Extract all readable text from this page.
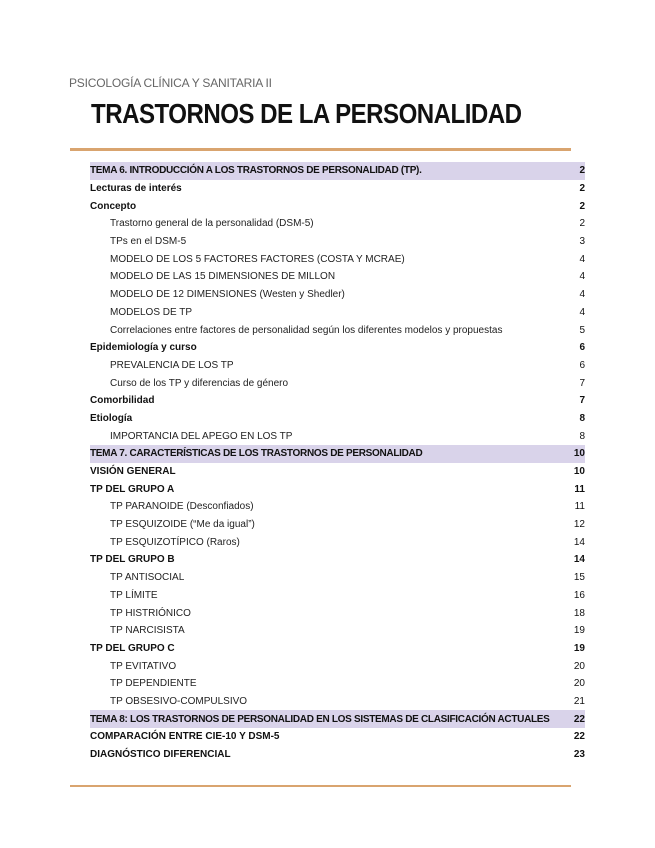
PSICOLOGÍA CLÍNICA Y SANITARIA II
TRASTORNOS DE LA PERSONALIDAD
TEMA 6. INTRODUCCIÓN A LOS TRASTORNOS DE PERSONALIDAD (TP).	2
Lecturas de interés	2
Concepto	2
Trastorno general de la personalidad (DSM-5)	2
TPs en el DSM-5	3
MODELO DE LOS 5 FACTORES FACTORES (COSTA Y MCRAE)	4
MODELO DE LAS 15 DIMENSIONES DE MILLON	4
MODELO DE 12 DIMENSIONES (Westen y Shedler)	4
MODELOS DE TP	4
Correlaciones entre factores de personalidad según los diferentes modelos y propuestas	5
Epidemiología y curso	6
PREVALENCIA DE LOS TP	6
Curso de los TP y diferencias de género	7
Comorbilidad	7
Etiología	8
IMPORTANCIA DEL APEGO EN LOS TP	8
TEMA 7. CARACTERÍSTICAS DE LOS TRASTORNOS DE PERSONALIDAD	10
VISIÓN GENERAL	10
TP DEL GRUPO A	11
TP PARANOIDE (Desconfiados)	11
TP ESQUIZOIDE (“Me da igual”)	12
TP ESQUIZOTÍPICO (Raros)	14
TP DEL GRUPO B	14
TP ANTISOCIAL	15
TP LÍMITE	16
TP HISTRIÓNICO	18
TP NARCISISTA	19
TP DEL GRUPO C	19
TP EVITATIVO	20
TP DEPENDIENTE	20
TP OBSESIVO-COMPULSIVO	21
TEMA 8: LOS TRASTORNOS DE PERSONALIDAD EN LOS SISTEMAS DE CLASIFICACIÓN ACTUALES 22
COMPARACIÓN ENTRE CIE-10 Y DSM-5	22
DIAGNÓSTICO DIFERENCIAL	23
